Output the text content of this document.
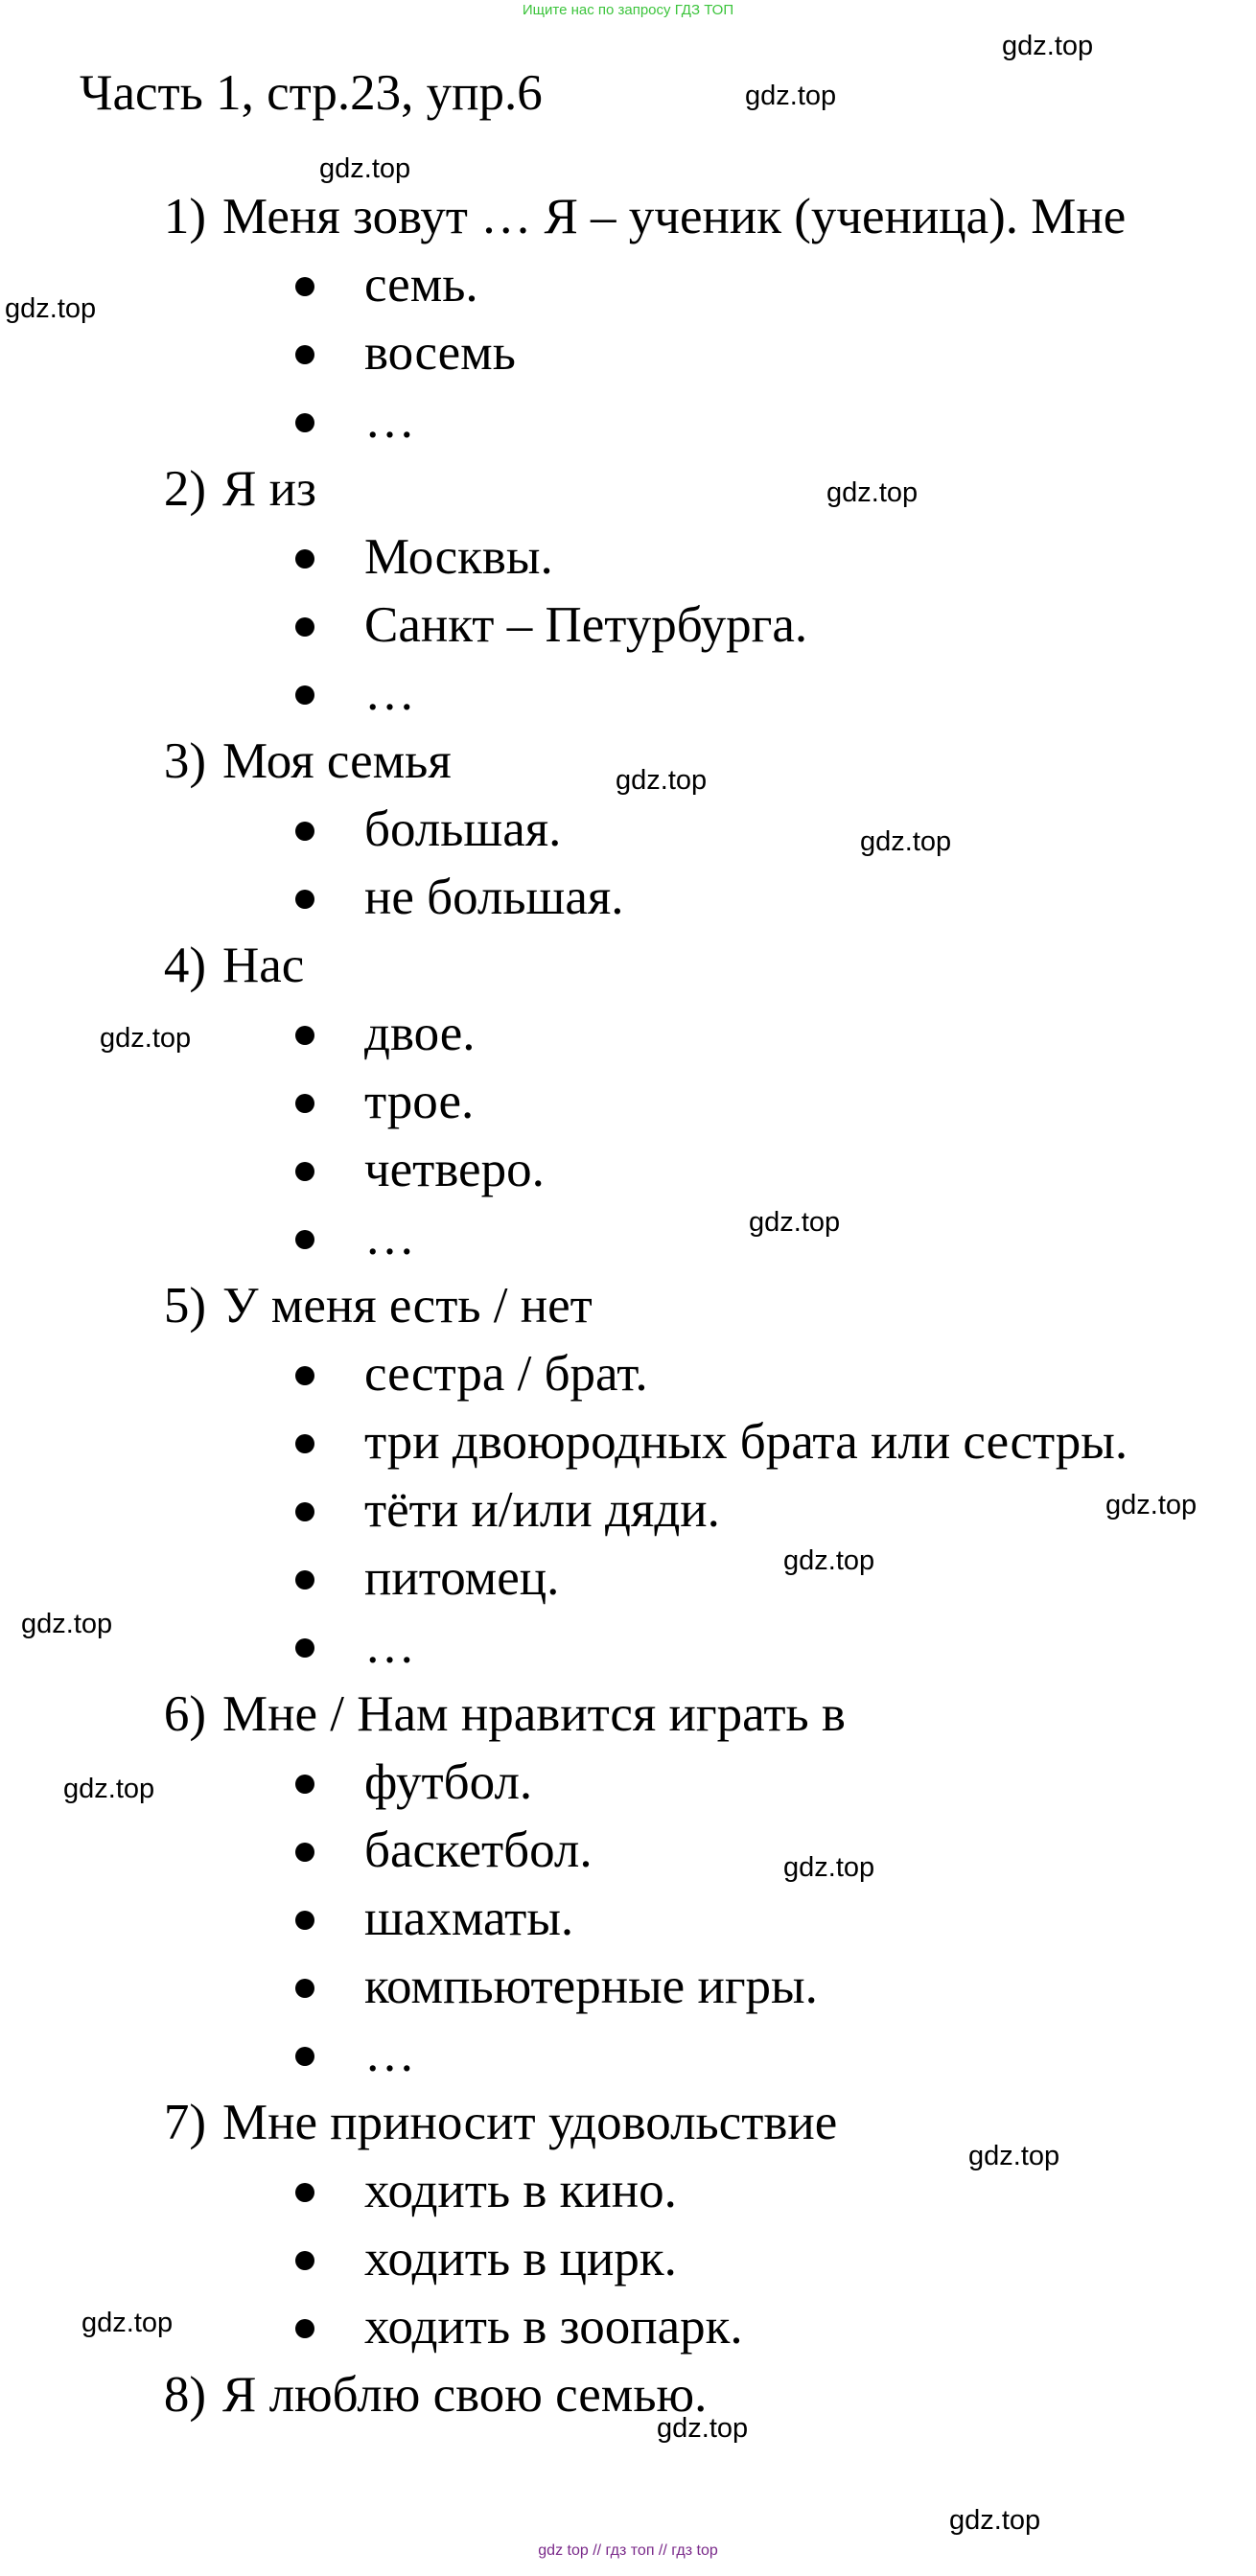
Ищите нас по запросу ГДЗ ТОП
Часть 1, стр.23, упр.6
1) Меня зовут … Я – ученик (ученица). Мне
семь.
восемь
…
2) Я из
Москвы.
Санкт – Петурбурга.
…
3) Моя семья
большая.
не большая.
4) Нас
двое.
трое.
четверо.
…
5) У меня есть / нет
сестра / брат.
три двоюродных брата или сестры.
тёти и/или дяди.
питомец.
…
6) Мне / Нам нравится играть в
футбол.
баскетбол.
шахматы.
компьютерные игры.
…
7) Мне приносит удовольствие
ходить в кино.
ходить в цирк.
ходить в зоопарк.
8) Я люблю свою семью.
gdz.top
gdz.top
gdz.top
gdz.top
gdz.top
gdz.top
gdz.top
gdz.top
gdz.top
gdz.top
gdz.top
gdz.top
gdz.top
gdz.top
gdz.top
gdz.top
gdz.top
gdz.top
gdz top // гдз топ // гдз top
